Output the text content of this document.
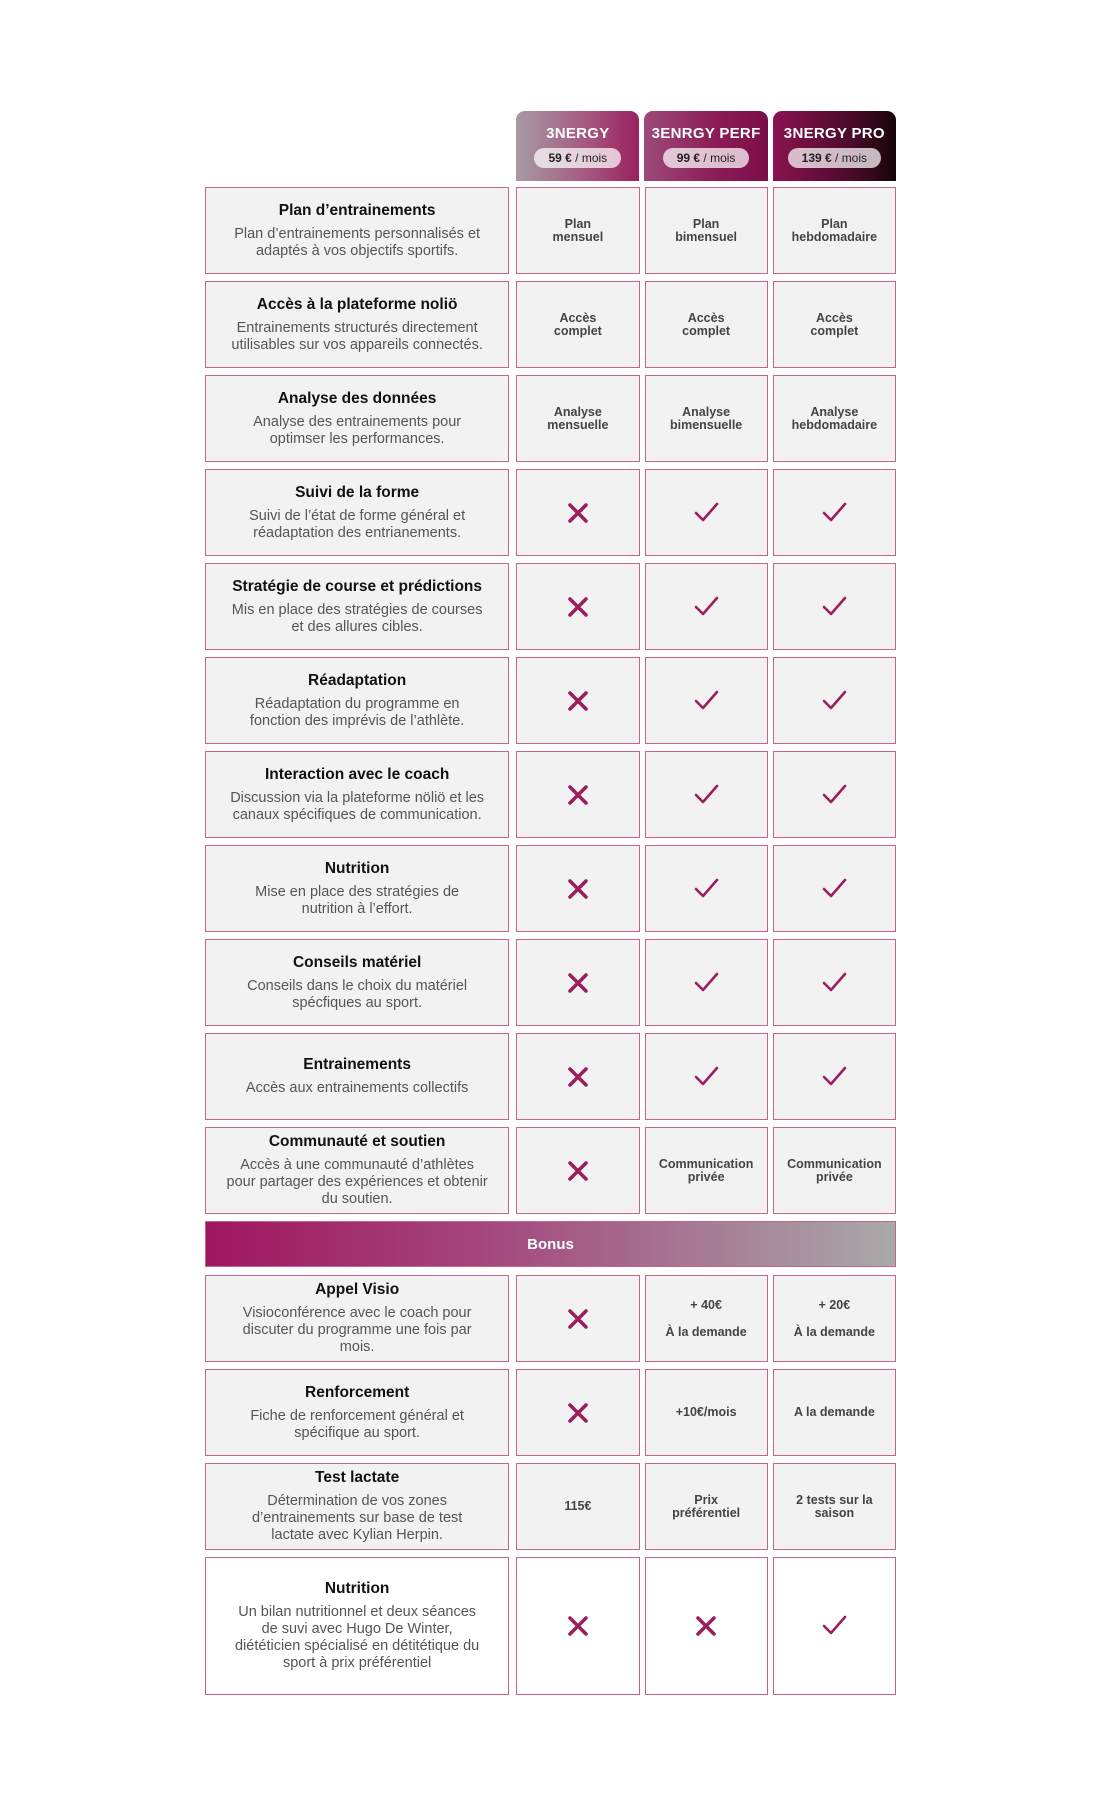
3NERGY
59 € / mois
3ENRGY PERF
99 € / mois
3NERGY PRO
139 € / mois
Plan d’entrainements
Plan d’entrainements personnalisés et
adaptés à vos objectifs sportifs.
Plan
mensuel
Plan
bimensuel
Plan
hebdomadaire
Accès à la plateforme noliö
Entrainements structurés directement
utilisables sur vos appareils connectés.
Accès
complet
Accès
complet
Accès
complet
Analyse des données
Analyse des entrainements pour
optimser les performances.
Analyse
mensuelle
Analyse
bimensuelle
Analyse
hebdomadaire
Suivi de la forme
Suivi de l’état de forme général et
réadaptation des entrianements.
Stratégie de course et prédictions
Mis en place des stratégies de courses
et des allures cibles.
Réadaptation
Réadaptation du programme en
fonction des imprévis de l’athlète.
Interaction avec le coach
Discussion via la plateforme nöliö et les
canaux spécifiques de communication.
Nutrition
Mise en place des stratégies de
nutrition à l’effort.
Conseils matériel
Conseils dans le choix du matériel
spécfiques au sport.
Entrainements
Accès aux entrainements collectifs
Communauté et soutien
Accès à une communauté d’athlètes
pour partager des expériences et obtenir
du soutien.
Communication
privée
Communication
privée
Bonus
Appel Visio
Visioconférence avec le coach pour
discuter du programme une fois par
mois.
+ 40€
À la demande
+ 20€
À la demande
Renforcement
Fiche de renforcement général et
spécifique au sport.
+10€/mois	A la demande
Test lactate
Détermination de vos zones
d’entrainements sur base de test
lactate avec Kylian Herpin.
115€	Prix
préférentiel
2 tests sur la
saison
Nutrition
Un bilan nutritionnel et deux séances
de suvi avec Hugo De Winter,
diététicien spécialisé en détitétique du
sport à prix préférentiel
